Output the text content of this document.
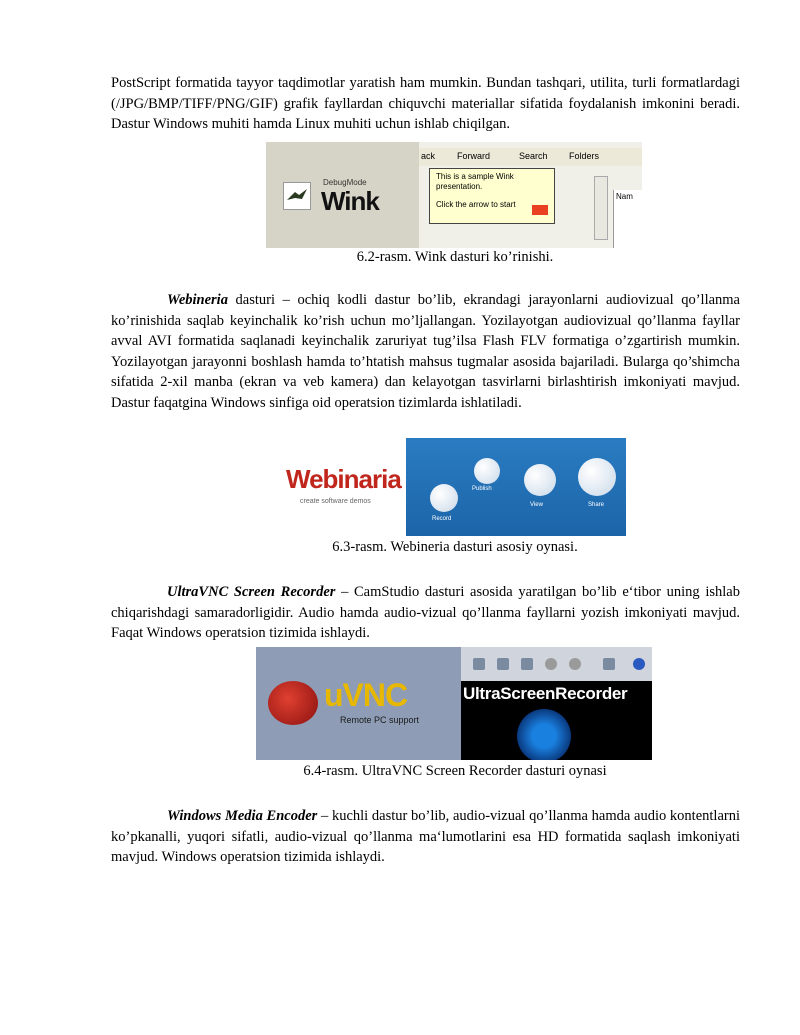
PostScript formatida tayyor taqdimotlar yaratish ham mumkin. Bundan tashqari, utilita, turli formatlardagi (/JPG/BMP/TIFF/PNG/GIF) grafik fayllardan chiquvchi materiallar sifatida foydalanish imkonini beradi. Dastur Windows muhiti hamda Linux muhiti uchun ishlab chiqilgan.

DebugMode
Wink
ack Forward	Search Folders
This is a sample Wink presentation.
Click the arrow to start
Nam
6.2-rasm. Wink dasturi ko’rinishi.

Webineria dasturi – ochiq kodli dastur bo’lib, ekrandagi jarayonlarni audiovizual qo’llanma ko’rinishida saqlab keyinchalik ko’rish uchun mo’ljallangan. Yozilayotgan audiovizual qo’llanma fayllar avval AVI formatida saqlanadi keyinchalik zaruriyat tug’ilsa Flash FLV formatiga o’zgartirish mumkin. Yozilayotgan jarayonni boshlash hamda to’htatish mahsus tugmalar asosida bajariladi. Bularga qo’shimcha sifatida 2-xil manba (ekran va veb kamera) dan kelayotgan tasvirlarni birlashtirish imkoniyati mavjud. Dastur faqatgina Windows sinfiga oid operatsion tizimlarda ishlatiladi.

Webinaria
create software demos
Record
Publish
View	Share
6.3-rasm. Webineria dasturi asosiy oynasi.

UltraVNC Screen Recorder – CamStudio dasturi asosida yaratilgan bo’lib e‘tibor uning ishlab chiqarishdagi samaradorligidir. Audio hamda audio-vizual qo’llanma fayllarni yozish imkoniyati mavjud. Faqat Windows operatsion tizimida ishlaydi.

uVNC
Remote PC support
UltraScreenRecorder
6.4-rasm. UltraVNC Screen Recorder dasturi oynasi

Windows Media Encoder – kuchli dastur bo’lib, audio-vizual qo’llanma hamda audio kontentlarni ko’pkanalli, yuqori sifatli, audio-vizual qo’llanma ma‘lumotlarini esa HD formatida saqlash imkoniyati mavjud. Windows operatsion tizimida ishlaydi.
